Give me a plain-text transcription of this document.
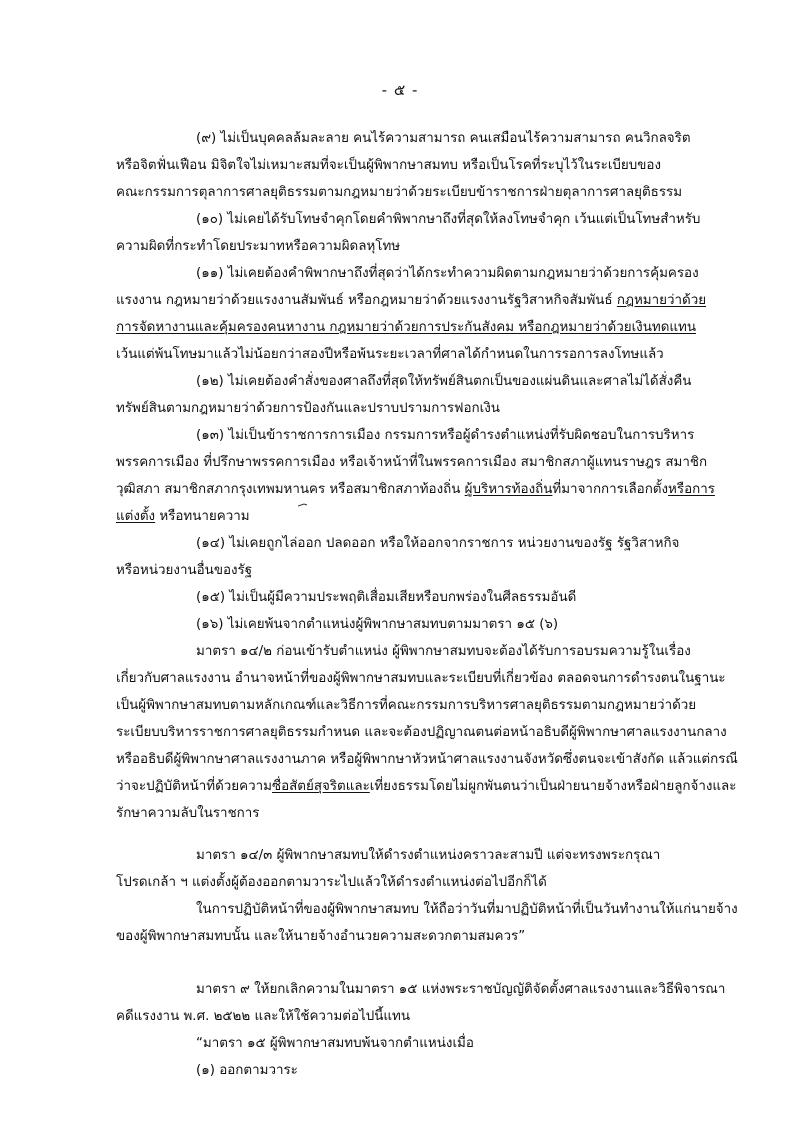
- ๕ -
(๙) ไม่เป็นบุคคลล้มละลาย คนไร้ความสามารถ คนเสมือนไร้ความสามารถ คนวิกลจริต
หรือจิตฟั่นเฟือน มิจิตใจไม่เหมาะสมที่จะเป็นผู้พิพากษาสมทบ หรือเป็นโรคที่ระบุไว้ในระเบียบของ
คณะกรรมการตุลาการศาลยุติธรรมตามกฎหมายว่าด้วยระเบียบข้าราชการฝ่ายตุลาการศาลยุติธรรม
(๑๐) ไม่เคยได้รับโทษจำคุกโดยคำพิพากษาถึงที่สุดให้ลงโทษจำคุก เว้นแต่เป็นโทษสำหรับ
ความผิดที่กระทำโดยประมาทหรือความผิดลหุโทษ
(๑๑) ไม่เคยต้องคำพิพากษาถึงที่สุดว่าได้กระทำความผิดตามกฎหมายว่าด้วยการคุ้มครอง
แรงงาน กฎหมายว่าด้วยแรงงานสัมพันธ์ หรือกฎหมายว่าด้วยแรงงานรัฐวิสาหกิจสัมพันธ์ กฎหมายว่าด้วย
การจัดหางานและคุ้มครองคนหางาน กฎหมายว่าด้วยการประกันสังคม หรือกฎหมายว่าด้วยเงินทดแทน
เว้นแต่พ้นโทษมาแล้วไม่น้อยกว่าสองปีหรือพ้นระยะเวลาที่ศาลได้กำหนดในการรอการลงโทษแล้ว
(๑๒) ไม่เคยต้องคำสั่งของศาลถึงที่สุดให้ทรัพย์สินตกเป็นของแผ่นดินและศาลไม่ได้สั่งคืน
ทรัพย์สินตามกฎหมายว่าด้วยการป้องกันและปราบปรามการฟอกเงิน
(๑๓) ไม่เป็นข้าราชการการเมือง กรรมการหรือผู้ดำรงตำแหน่งที่รับผิดชอบในการบริหาร
พรรคการเมือง ที่ปรึกษาพรรคการเมือง หรือเจ้าหน้าที่ในพรรคการเมือง สมาชิกสภาผู้แทนราษฎร สมาชิก
วุฒิสภา สมาชิกสภากรุงเทพมหานคร หรือสมาชิกสภาท้องถิ่น ผู้บริหารท้องถิ่นที่มาจากการเลือกตั้งหรือการ
แต่งตั้ง หรือทนายความ
(๑๔) ไม่เคยถูกไล่ออก ปลดออก หรือให้ออกจากราชการ หน่วยงานของรัฐ รัฐวิสาหกิจ
หรือหน่วยงานอื่นของรัฐ
(๑๕) ไม่เป็นผู้มีความประพฤติเสื่อมเสียหรือบกพร่องในศีลธรรมอันดี
(๑๖) ไม่เคยพ้นจากตำแหน่งผู้พิพากษาสมทบตามมาตรา ๑๕ (๖)
มาตรา ๑๔/๒ ก่อนเข้ารับตำแหน่ง ผู้พิพากษาสมทบจะต้องได้รับการอบรมความรู้ในเรื่อง
เกี่ยวกับศาลแรงงาน อำนาจหน้าที่ของผู้พิพากษาสมทบและระเบียบที่เกี่ยวข้อง ตลอดจนการดำรงตนในฐานะ
เป็นผู้พิพากษาสมทบตามหลักเกณฑ์และวิธีการที่คณะกรรมการบริหารศาลยุติธรรมตามกฎหมายว่าด้วย
ระเบียบบริหารราชการศาลยุติธรรมกำหนด และจะต้องปฏิญาณตนต่อหน้าอธิบดีผู้พิพากษาศาลแรงงานกลาง
หรืออธิบดีผู้พิพากษาศาลแรงงานภาค หรือผู้พิพากษาหัวหน้าศาลแรงงานจังหวัดซึ่งตนจะเข้าสังกัด แล้วแต่กรณี
ว่าจะปฏิบัติหน้าที่ด้วยความซื่อสัตย์สุจริตและเที่ยงธรรมโดยไม่ผูกพันตนว่าเป็นฝ่ายนายจ้างหรือฝ่ายลูกจ้างและ
รักษาความลับในราชการ
มาตรา ๑๔/๓ ผู้พิพากษาสมทบให้ดำรงตำแหน่งคราวละสามปี แต่จะทรงพระกรุณา
โปรดเกล้า ฯ แต่งตั้งผู้ต้องออกตามวาระไปแล้วให้ดำรงตำแหน่งต่อไปอีกก็ได้
ในการปฏิบัติหน้าที่ของผู้พิพากษาสมทบ ให้ถือว่าวันที่มาปฏิบัติหน้าที่เป็นวันทำงานให้แก่นายจ้าง
ของผู้พิพากษาสมทบนั้น และให้นายจ้างอำนวยความสะดวกตามสมควร”
มาตรา ๙ ให้ยกเลิกความในมาตรา ๑๕ แห่งพระราชบัญญัติจัดตั้งศาลแรงงานและวิธีพิจารณา
คดีแรงงาน พ.ศ. ๒๕๒๒ และให้ใช้ความต่อไปนี้แทน
“มาตรา ๑๕ ผู้พิพากษาสมทบพ้นจากตำแหน่งเมื่อ
(๑) ออกตามวาระ
